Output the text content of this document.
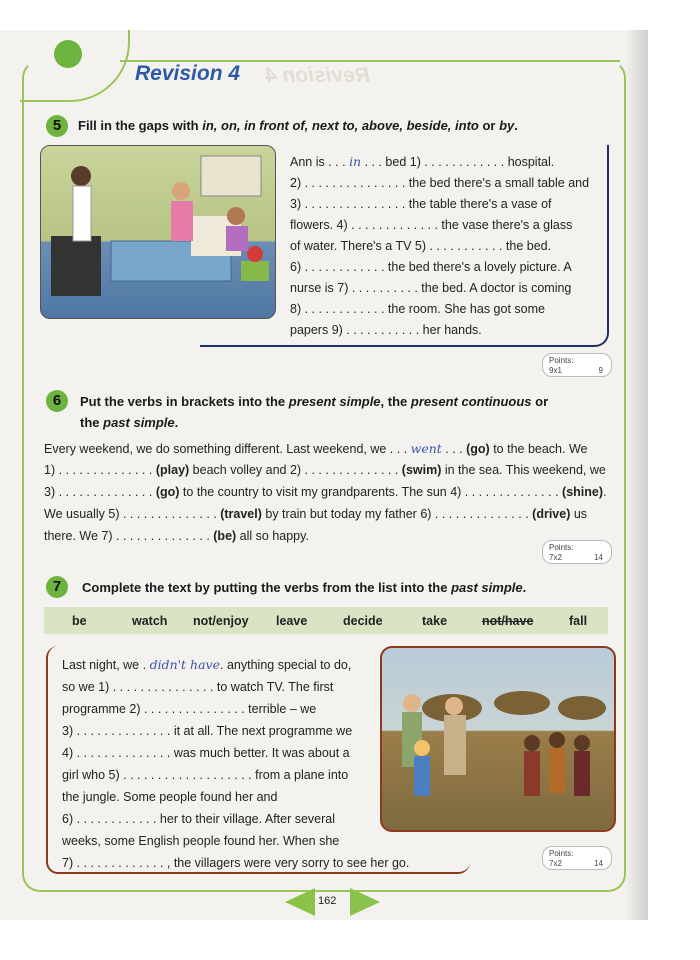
Revision 4 Revision 4
5	Fill in the gaps with in, on, in front of, next to, above, beside, into or by.
Ann is . . . in . . . bed 1) . . . . . . . . . . . . hospital.
2) . . . . . . . . . . . . . . . the bed there's a small table and
3) . . . . . . . . . . . . . . . the table there's a vase of
flowers. 4) . . . . . . . . . . . . . the vase there's a glass
of water. There's a TV 5) . . . . . . . . . . . the bed.
6) . . . . . . . . . . . . the bed there's a lovely picture. A
nurse is 7) . . . . . . . . . . the bed. A doctor is coming
8) . . . . . . . . . . . . the room. She has got some
papers 9) . . . . . . . . . . . her hands.
Points:
9x1	9
6	Put the verbs in brackets into the present simple, the present continuous or
the past simple.
Every weekend, we do something different. Last weekend, we . . . went . . . (go) to the beach. We
1) . . . . . . . . . . . . . . (play) beach volley and 2) . . . . . . . . . . . . . . (swim) in the sea. This weekend, we
3) . . . . . . . . . . . . . . (go) to the country to visit my grandparents. The sun 4) . . . . . . . . . . . . . . (shine).
We usually 5) . . . . . . . . . . . . . . (travel) by train but today my father 6) . . . . . . . . . . . . . . (drive) us
there. We 7) . . . . . . . . . . . . . . (be) all so happy.
Points:
7x2	14
7	Complete the text by putting the verbs from the list into the past simple.
be	watch not/enjoy leave	decide	take	not/have	fall
Last night, we . didn't have. anything special to do,
so we 1) . . . . . . . . . . . . . . . to watch TV. The first
programme 2) . . . . . . . . . . . . . . . terrible – we
3) . . . . . . . . . . . . . . it at all. The next programme we
4) . . . . . . . . . . . . . . was much better. It was about a
girl who 5) . . . . . . . . . . . . . . . . . . . from a plane into
the jungle. Some people found her and
6) . . . . . . . . . . . . her to their village. After several
weeks, some English people found her. When she
7) . . . . . . . . . . . . . , the villagers were very sorry to see her go.
Points:
7x2	14
162
